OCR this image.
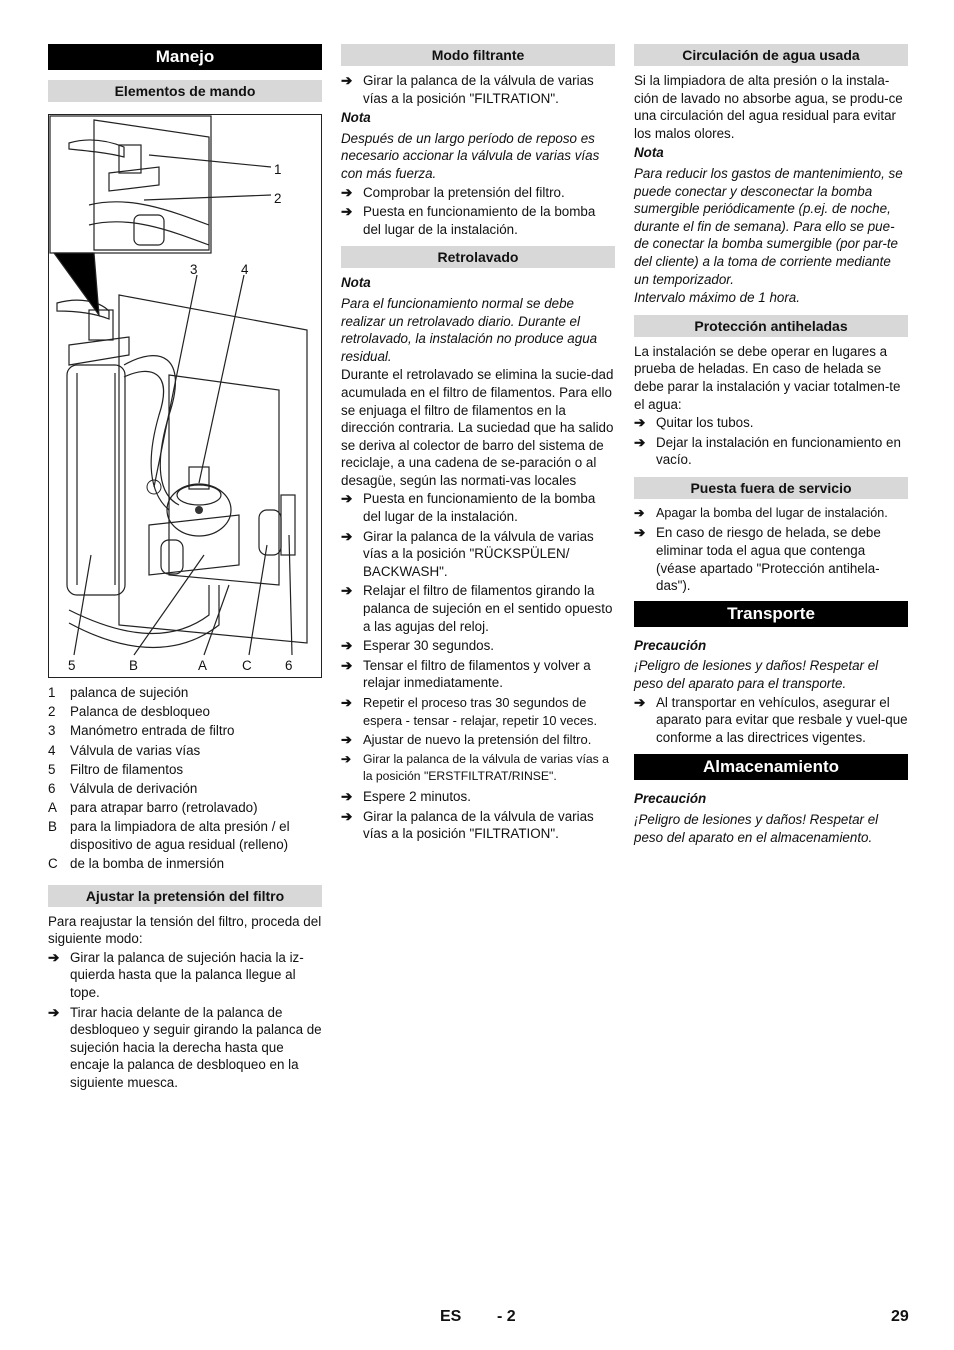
Manejo
Elementos de mando
1
2
3	4
5	B	A	C 6
1 palanca de sujeción
2 Palanca de desbloqueo
3 Manómetro entrada de filtro
4 Válvula de varias vías
5 Filtro de filamentos
6 Válvula de derivación
A para atrapar barro (retrolavado)
B para la limpiadora de alta presión / el dispositivo de agua residual (relleno)
C de la bomba de inmersión
Ajustar la pretensión del filtro

Para reajustar la tensión del filtro, proceda del siguiente modo:

➔ Girar la palanca de sujeción hacia la iz-quierda hasta que la palanca llegue al tope.
➔ Tirar hacia delante de la palanca de desbloqueo y seguir girando la palanca de sujeción hacia la derecha hasta que encaje la palanca de desbloqueo en la siguiente muesca.
Modo filtrante
➔ Girar la palanca de la válvula de varias vías a la posición "FILTRATION".

Nota

Después de un largo período de reposo es necesario accionar la válvula de varias vías con más fuerza.

➔ Comprobar la pretensión del filtro.
➔ Puesta en funcionamiento de la bomba del lugar de la instalación.
Retrolavado

Nota

Para el funcionamiento normal se debe realizar un retrolavado diario. Durante el retrolavado, la instalación no produce agua residual.

Durante el retrolavado se elimina la sucie-dad acumulada en el filtro de filamentos. Para ello se enjuaga el filtro de filamentos en la dirección contraria. La suciedad que ha salido se deriva al colector de barro del sistema de reciclaje, a una cadena de se-paración o al desagüe, según las normati-vas locales

➔ Puesta en funcionamiento de la bomba del lugar de la instalación.
➔ Girar la palanca de la válvula de varias vías a la posición "RÜCKSPÜLEN/ BACKWASH".
➔ Relajar el filtro de filamentos girando la palanca de sujeción en el sentido opuesto a las agujas del reloj.
➔ Esperar 30 segundos.
➔ Tensar el filtro de filamentos y volver a relajar inmediatamente.
➔ Repetir el proceso tras 30 segundos de espera - tensar - relajar, repetir 10 veces.
➔ Ajustar de nuevo la pretensión del filtro.
➔ Girar la palanca de la válvula de varias vías a la posición "ERSTFILTRAT/RINSE".
➔ Espere 2 minutos.
➔ Girar la palanca de la válvula de varias vías a la posición "FILTRATION".
Circulación de agua usada

Si la limpiadora de alta presión o la instala-ción de lavado no absorbe agua, se produ-ce una circulación del agua residual para evitar los malos olores.

Nota

Para reducir los gastos de mantenimiento, se puede conectar y desconectar la bomba sumergible periódicamente (p.ej. de noche, durante el fin de semana). Para ello se pue-de conectar la bomba sumergible (por par-te del cliente) a la toma de corriente mediante un temporizador.

Intervalo máximo de 1 hora.

Protección antiheladas

La instalación se debe operar en lugares a prueba de heladas. En caso de helada se debe parar la instalación y vaciar totalmen-te el agua:

➔ Quitar los tubos.
➔ Dejar la instalación en funcionamiento en vacío.
Puesta fuera de servicio
➔ Apagar la bomba del lugar de instalación.
➔ En caso de riesgo de helada, se debe eliminar toda el agua que contenga (véase apartado "Protección antihela-das").
Transporte

Precaución

¡Peligro de lesiones y daños! Respetar el peso del aparato para el transporte.

➔ Al transportar en vehículos, asegurar el aparato para evitar que resbale y vuel-que conforme a las directrices vigentes.
Almacenamiento

Precaución

¡Peligro de lesiones y daños! Respetar el peso del aparato en el almacenamiento.

ES - 2	29
